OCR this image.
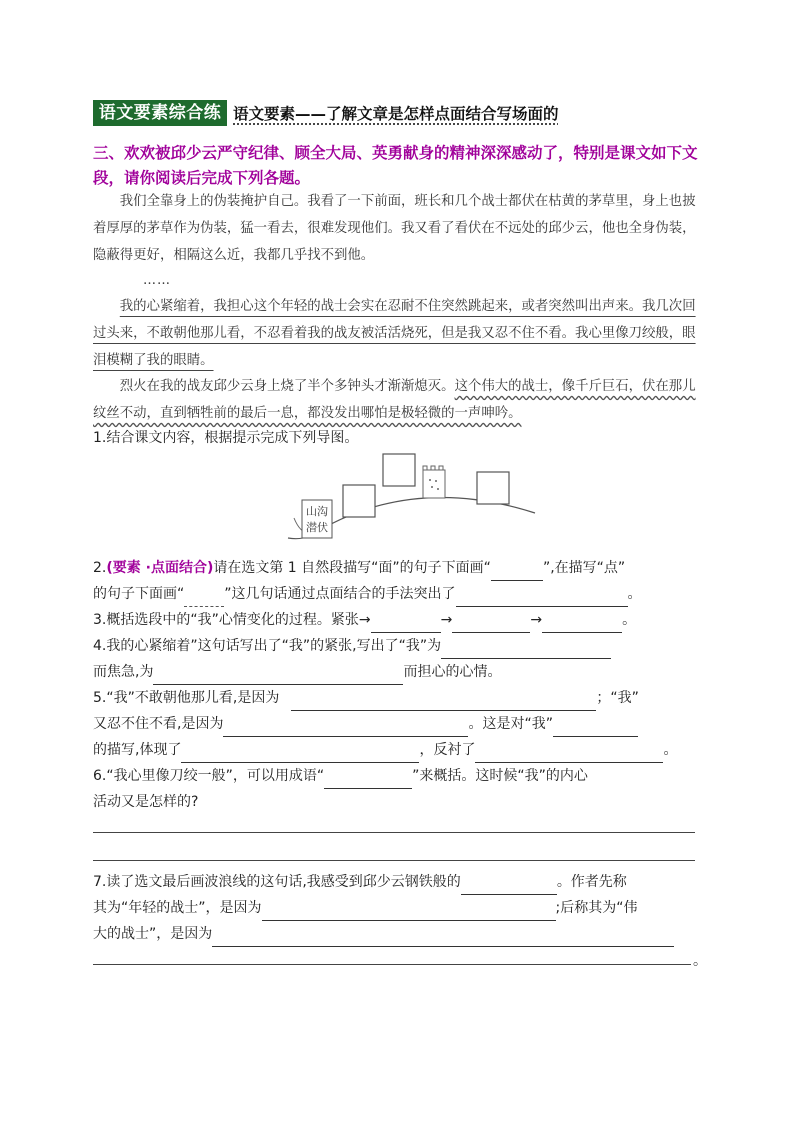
语文要素综合练 语文要素——了解文章是怎样点面结合写场面的
三、欢欢被邱少云严守纪律、顾全大局、英勇献身的精神深深感动了，特别是课文如下文段，请你阅读后完成下列各题。
我们全靠身上的伪装掩护自己。我看了一下前面，班长和几个战士都伏在枯黄的茅草里，身上也披着厚厚的茅草作为伪装，猛一看去，很难发现他们。我又看了看伏在不远处的邱少云，他也全身伪装，隐蔽得更好，相隔这么近，我都几乎找不到他。
……
我的心紧缩着，我担心这个年轻的战士会实在忍耐不住突然跳起来，或者突然叫出声来。我几次回过头来，不敢朝他那儿看，不忍看着我的战友被活活烧死，但是我又忍不住不看。我心里像刀绞般，眼泪模糊了我的眼睛。
烈火在我的战友邱少云身上烧了半个多钟头才渐渐熄灭。这个伟大的战士，像千斤巨石，伏在那儿纹丝不动，直到牺牲前的最后一息，都没发出哪怕是极轻微的一声呻吟。
1.结合课文内容，根据提示完成下列导图。
山沟
潜伏
2.(要素 ·点面结合)请在选文第 1 自然段描写“面”的句子下面画“	”,在描写“点”
的句子下面画“	”这几句话通过点面结合的手法突出了	。
3.概括选段中的“我”心情变化的过程。紧张→	→	→	。
4.我的心紧缩着”这句话写出了“我”的紧张,写出了“我”为
而焦急,为	而担心的心情。
5.“我”不敢朝他那儿看,是因为	；“我”
又忍不住不看,是因为	。这是对“我”
的描写,体现了	，反衬了	。
6.“我心里像刀绞一般”，可以用成语“	”来概括。这时候“我”的内心
活动又是怎样的?
7.读了选文最后画波浪线的这句话,我感受到邱少云钢铁般的	。作者先称
其为“年轻的战士”，是因为	;后称其为“伟
大的战士”，是因为
。
